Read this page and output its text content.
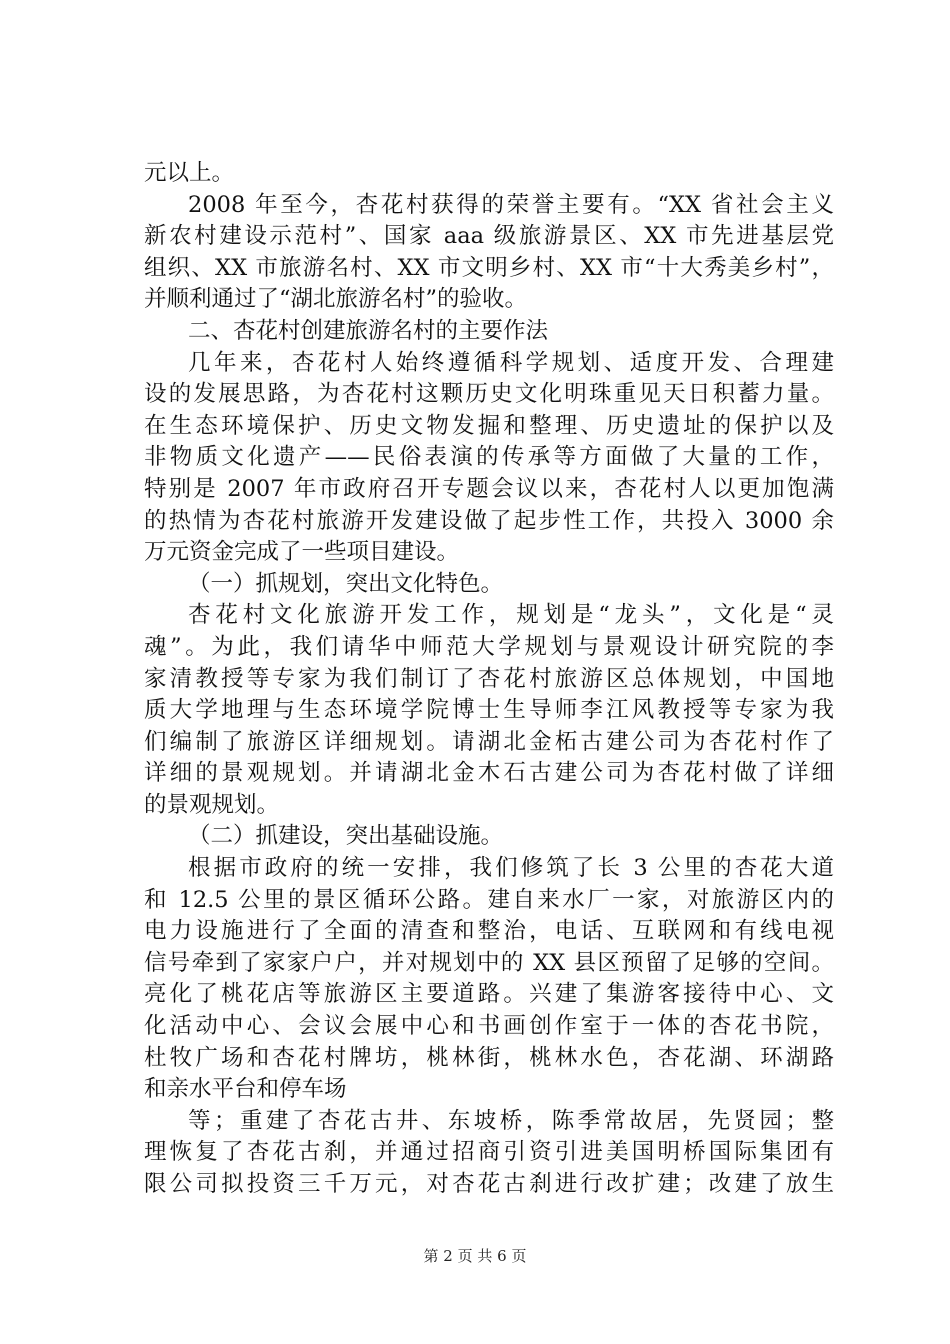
元以上。
2008 年至今，杏花村获得的荣誉主要有。“XX 省社会主义
新农村建设示范村”、国家 aaa 级旅游景区、XX 市先进基层党
组织、XX 市旅游名村、XX 市文明乡村、XX 市“十大秀美乡村”，
并顺利通过了“湖北旅游名村”的验收。
二、杏花村创建旅游名村的主要作法
几年来，杏花村人始终遵循科学规划、适度开发、合理建
设的发展思路，为杏花村这颗历史文化明珠重见天日积蓄力量。
在生态环境保护、历史文物发掘和整理、历史遗址的保护以及
非物质文化遗产——民俗表演的传承等方面做了大量的工作，
特别是 2007 年市政府召开专题会议以来，杏花村人以更加饱满
的热情为杏花村旅游开发建设做了起步性工作，共投入 3000 余
万元资金完成了一些项目建设。
（一）抓规划，突出文化特色。
杏花村文化旅游开发工作，规划是“龙头”，文化是“灵
魂”。为此，我们请华中师范大学规划与景观设计研究院的李
家清教授等专家为我们制订了杏花村旅游区总体规划，中国地
质大学地理与生态环境学院博士生导师李江风教授等专家为我
们编制了旅游区详细规划。请湖北金柘古建公司为杏花村作了
详细的景观规划。并请湖北金木石古建公司为杏花村做了详细
的景观规划。
（二）抓建设，突出基础设施。
根据市政府的统一安排，我们修筑了长 3 公里的杏花大道
和 12.5 公里的景区循环公路。建自来水厂一家，对旅游区内的
电力设施进行了全面的清查和整治，电话、互联网和有线电视
信号牵到了家家户户，并对规划中的 XX 县区预留了足够的空间。
亮化了桃花店等旅游区主要道路。兴建了集游客接待中心、文
化活动中心、会议会展中心和书画创作室于一体的杏花书院，
杜牧广场和杏花村牌坊，桃林街，桃林水色，杏花湖、环湖路
和亲水平台和停车场
等；重建了杏花古井、东坡桥，陈季常故居，先贤园；整
理恢复了杏花古刹，并通过招商引资引进美国明桥国际集团有
限公司拟投资三千万元，对杏花古刹进行改扩建；改建了放生
第 2 页 共 6 页
